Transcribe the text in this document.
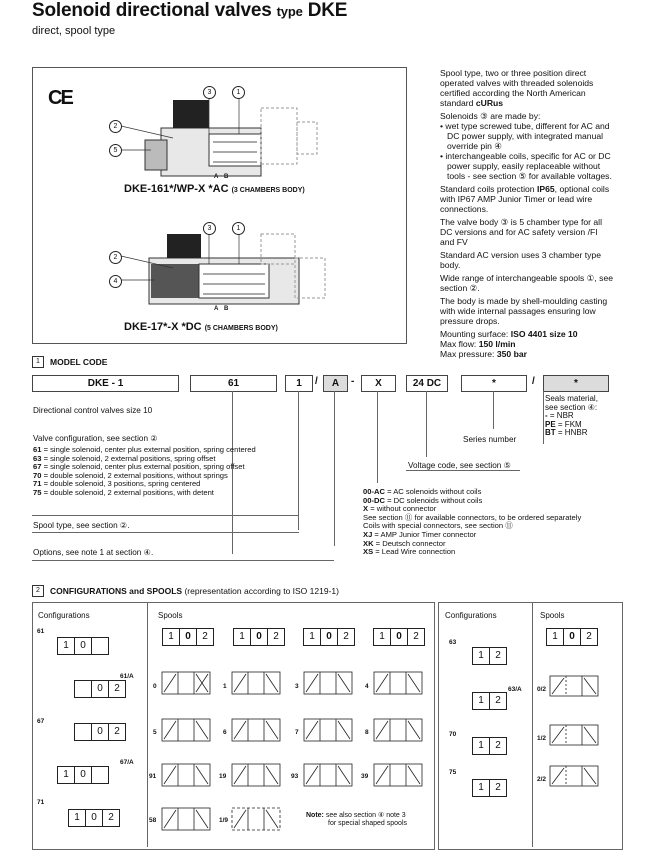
Solenoid directional valves type DKE
direct, spool type
CE	3	1
2
5
A B
DKE-161*/WP-X *AC (3 CHAMBERS BODY)
3	1
2
4
A B
DKE-17*-X *DC (5 CHAMBERS BODY)

Spool type, two or three position direct operated valves with threaded solenoids certified according the North American standard cURus

Solenoids ③ are made by:

• wet type screwed tube, different for AC and DC power supply, with integrated manual override pin ④

• interchangeable coils, specific for AC or DC power supply, easily replaceable without tools - see section ⑤ for available voltages.

Standard coils protection IP65, optional coils with IP67 AMP Junior Timer or lead wire connections.

The valve body ③ is 5 chamber type for all DC versions and for AC safety version /FI and FV

Standard AC version uses 3 chamber type body.

Wide range of interchangeable spools ①, see section ②.

The body is made by shell-moulding casting with wide internal passages ensuring low pressure drops.

Mounting surface: ISO 4401 size 10
Max flow: 150 l/min
Max pressure: 350 bar
1	MODEL CODE
DKE - 1	61	1	/	A	-	X	24 DC	*	/	*
Directional control valves size 10
Valve configuration, see section ②
61 = single solenoid, center plus external position, spring centered
63 = single solenoid, 2 external positions, spring offset
67 = single solenoid, center plus external position, spring offset
70 = double solenoid, 2 external positions, without springs
71 = double solenoid, 3 positions, spring centered
75 = double solenoid, 2 external positions, with detent
Spool type, see section ②.
Options, see note 1 at section ④.
Series number
Voltage code, see section ⑤
Seals material, see section ④:
- = NBR
PE = FKM
BT = HNBR
00-AC = AC solenoids without coils
00-DC = DC solenoids without coils
X = without connector
See section ⑪ for available connectors, to be ordered separately
Coils with special connectors, see section ⑪
XJ = AMP Junior Timer connector
XK = Deutsch connector
XS = Lead Wire connection
2	CONFIGURATIONS and SPOOLS (representation according to ISO 1219-1)
Configurations	Spools	Configurations	Spools
1	0	2	1	0	2	1	0	2	1	0	2	1	0	2
61
61/A
67
67/A
71
1	0
0	2
0	2
1	0
1	0	2
63
63/A
70
75
1	2
1	2
1	2
1	2
0	1	3	4
5	6	7	8
91	19	93	39
58	1/9
0/2
1/2
2/2
Note: see also section ④ note 3
for special shaped spools
